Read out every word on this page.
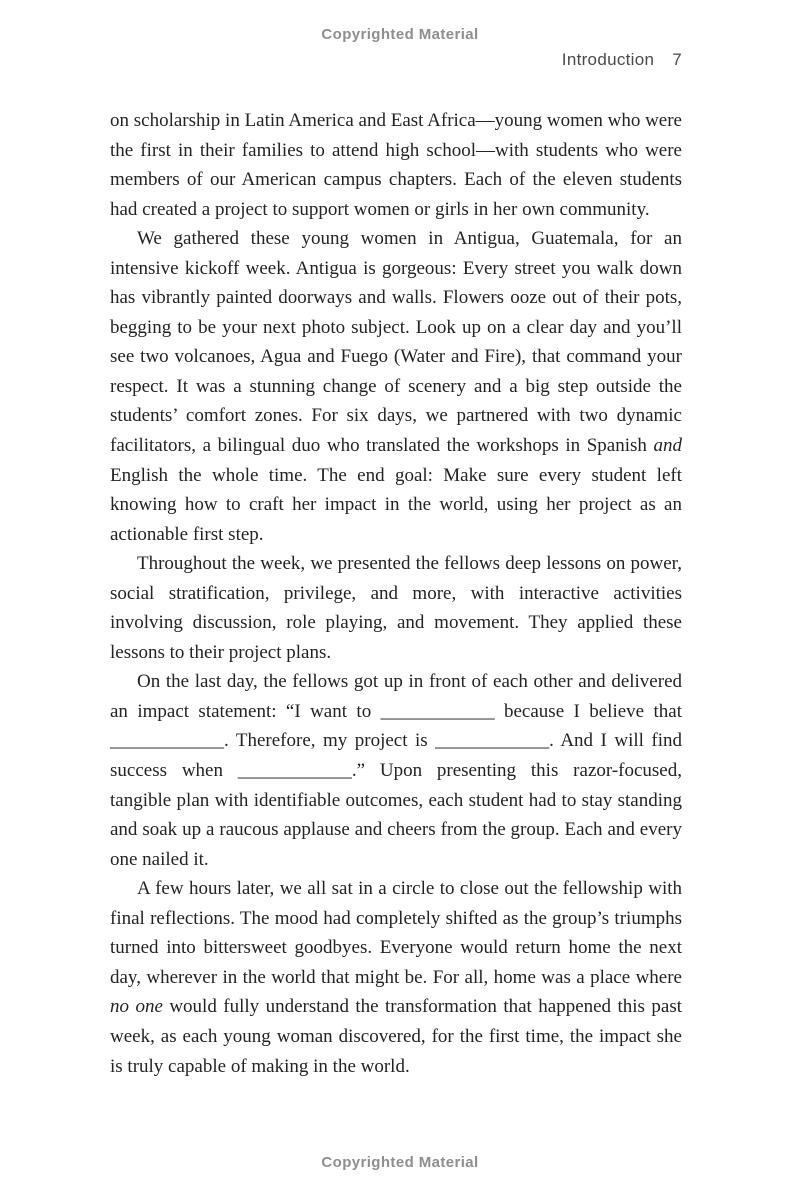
Copyrighted Material
Introduction 7

on scholarship in Latin America and East Africa—young women who were the first in their families to attend high school—with students who were members of our American campus chapters. Each of the eleven students had created a project to support women or girls in her own community.

We gathered these young women in Antigua, Guatemala, for an intensive kickoff week. Antigua is gorgeous: Every street you walk down has vibrantly painted doorways and walls. Flowers ooze out of their pots, begging to be your next photo subject. Look up on a clear day and you’ll see two volcanoes, Agua and Fuego (Water and Fire), that command your respect. It was a stunning change of scenery and a big step outside the students’ comfort zones. For six days, we partnered with two dynamic facilitators, a bilingual duo who translated the workshops in Spanish and English the whole time. The end goal: Make sure every student left knowing how to craft her impact in the world, using her project as an actionable first step.

Throughout the week, we presented the fellows deep lessons on power, social stratification, privilege, and more, with interactive activities involving discussion, role playing, and movement. They applied these lessons to their project plans.

On the last day, the fellows got up in front of each other and delivered an impact statement: “I want to ____________ because I believe that ____________. Therefore, my project is ____________. And I will find success when ____________.” Upon presenting this razor-focused, tangible plan with identifiable outcomes, each student had to stay standing and soak up a raucous applause and cheers from the group. Each and every one nailed it.

A few hours later, we all sat in a circle to close out the fellowship with final reflections. The mood had completely shifted as the group’s triumphs turned into bittersweet goodbyes. Everyone would return home the next day, wherever in the world that might be. For all, home was a place where no one would fully understand the transformation that happened this past week, as each young woman discovered, for the first time, the impact she is truly capable of making in the world.

Copyrighted Material
